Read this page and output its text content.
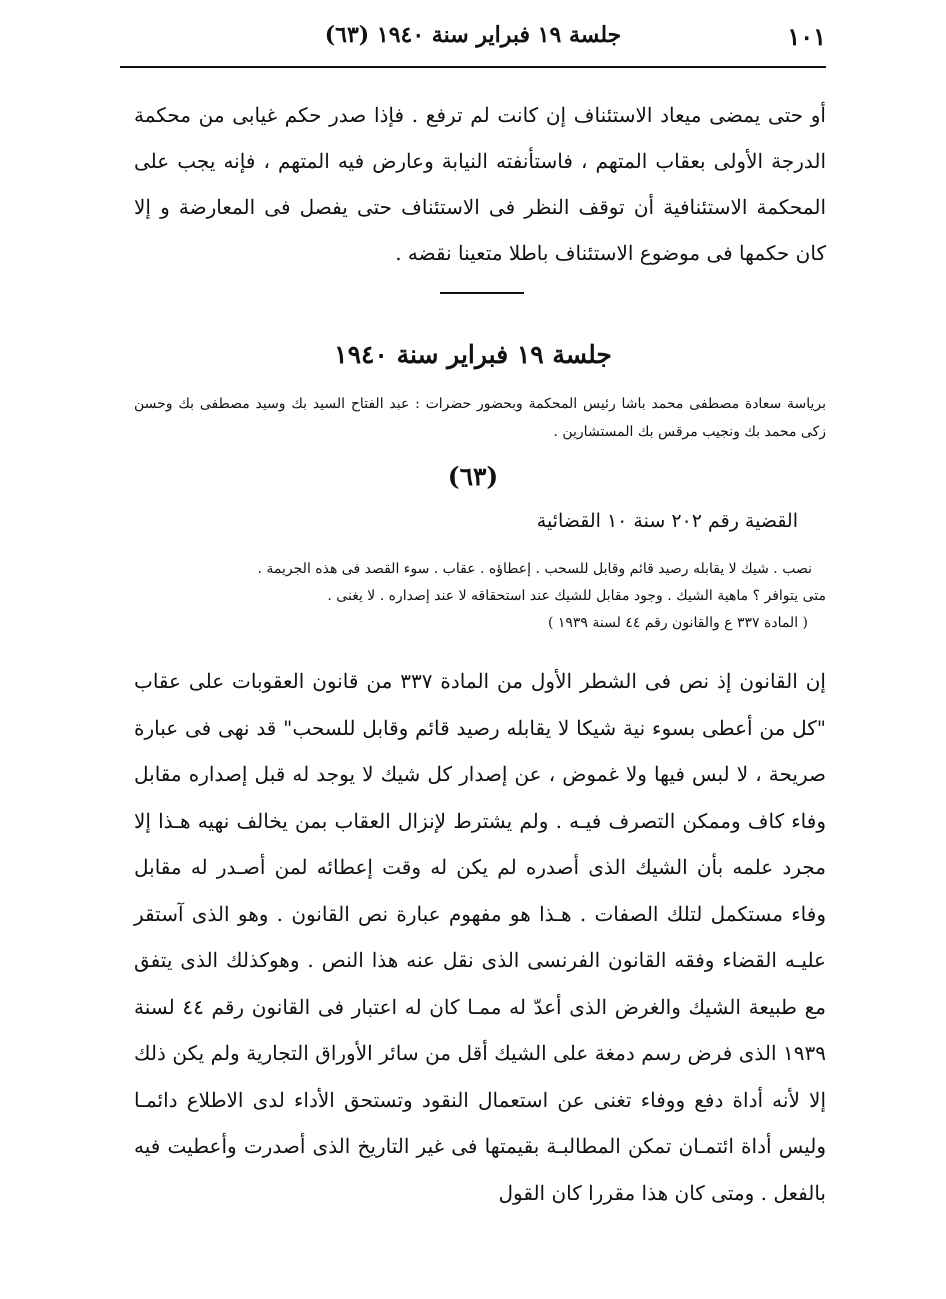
١٠١
جلسة ١٩ فبراير سنة ١٩٤٠ (٦٣)
أو حتى يمضى ميعاد الاستئناف إن كانت لم ترفع . فإذا صدر حكم غيابى من محكمة الدرجة الأولى بعقاب المتهم ، فاستأنفته النيابة وعارض فيه المتهم ، فإنه يجب على المحكمة الاستئنافية أن توقف النظر فى الاستئناف حتى يفصل فى المعارضة و إلا كان حكمها فى موضوع الاستئناف باطلا متعينا نقضه .
جلسة ١٩ فبراير سنة ١٩٤٠
برياسة سعادة مصطفى محمد باشا رئيس المحكمة وبحضور حضرات : عبد الفتاح السيد بك وسيد مصطفى بك وحسن زكى محمد بك ونجيب مرقس بك المستشارين .
(٦٣)
القضية رقم ٢٠٢ سنة ١٠ القضائية
نصب . شيك لا يقابله رصيد قائم وقابل للسحب . إعطاؤه . عقاب . سوء القصد فى هذه الجريمة .
متى يتوافر ؟ ماهية الشيك . وجود مقابل للشيك عند استحقاقه لا عند إصداره . لا يغنى .
( المادة ٣٣٧ ع والقانون رقم ٤٤ لسنة ١٩٣٩ )
إن القانون إذ نص فى الشطر الأول من المادة ٣٣٧ من قانون العقوبات على عقاب "كل من أعطى بسوء نية شيكا لا يقابله رصيد قائم وقابل للسحب" قد نهى فى عبارة صريحة ، لا لبس فيها ولا غموض ، عن إصدار كل شيك لا يوجد له قبل إصداره مقابل وفاء كاف وممكن التصرف فيـه . ولم يشترط لإنزال العقاب بمن يخالف نهيه هـذا إلا مجرد علمه بأن الشيك الذى أصدره لم يكن له وقت إعطائه لمن أصـدر له مقابل وفاء مستكمل لتلك الصفات . هـذا هو مفهوم عبارة نص القانون . وهو الذى آستقر عليـه القضاء وفقه القانون الفرنسى الذى نقل عنه هذا النص . وهوكذلك الذى يتفق مع طبيعة الشيك والغرض الذى أعدّ له ممـا كان له اعتبار فى القانون رقم ٤٤ لسنة ١٩٣٩ الذى فرض رسم دمغة على الشيك أقل من سائر الأوراق التجارية ولم يكن ذلك إلا لأنه أداة دفع ووفاء تغنى عن استعمال النقود وتستحق الأداء لدى الاطلاع دائمـا وليس أداة ائتمـان تمكن المطالبـة بقيمتها فى غير التاريخ الذى أصدرت وأعطيت فيه بالفعل . ومتى كان هذا مقررا كان القول
